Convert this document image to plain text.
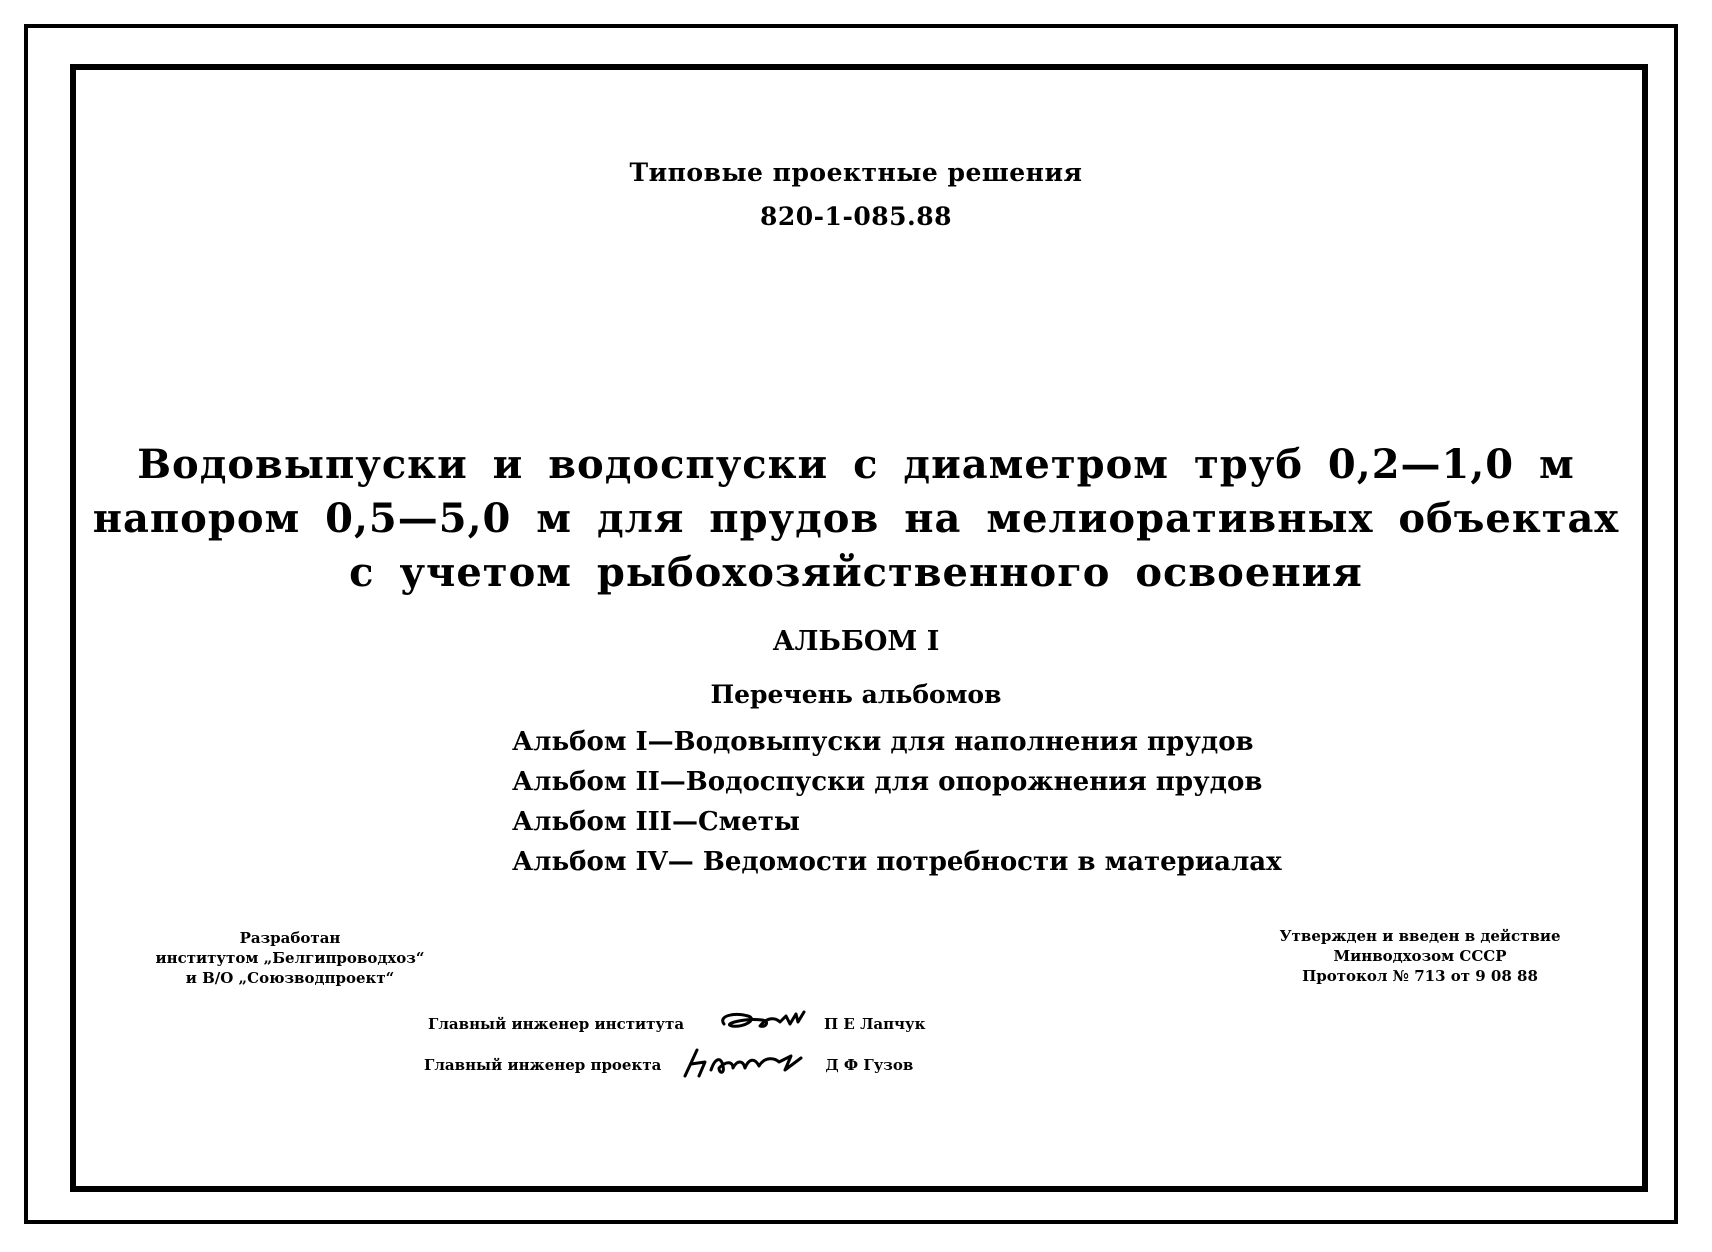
Типовые проектные решения
820-1-085.88
Водовыпуски и водоспуски с диаметром труб 0,2—1,0 м
напором 0,5—5,0 м для прудов на мелиоративных объектах
с учетом рыбохозяйственного освоения
АЛЬБОМ I
Перечень альбомов
Альбом I—Водовыпуски для наполнения прудов
Альбом II—Водоспуски для опорожнения прудов
Альбом III—Сметы
Альбом IV— Ведомости потребности в материалах
Разработан
институтом „Белгипроводхоз“
и В/О „Союзводпроект“
Утвержден и введен в действие
Минводхозом СССР
Протокол № 713 от 9 08 88
Главный инженер института	П Е Лапчук
Главный инженер проекта	Д Ф Гузов
